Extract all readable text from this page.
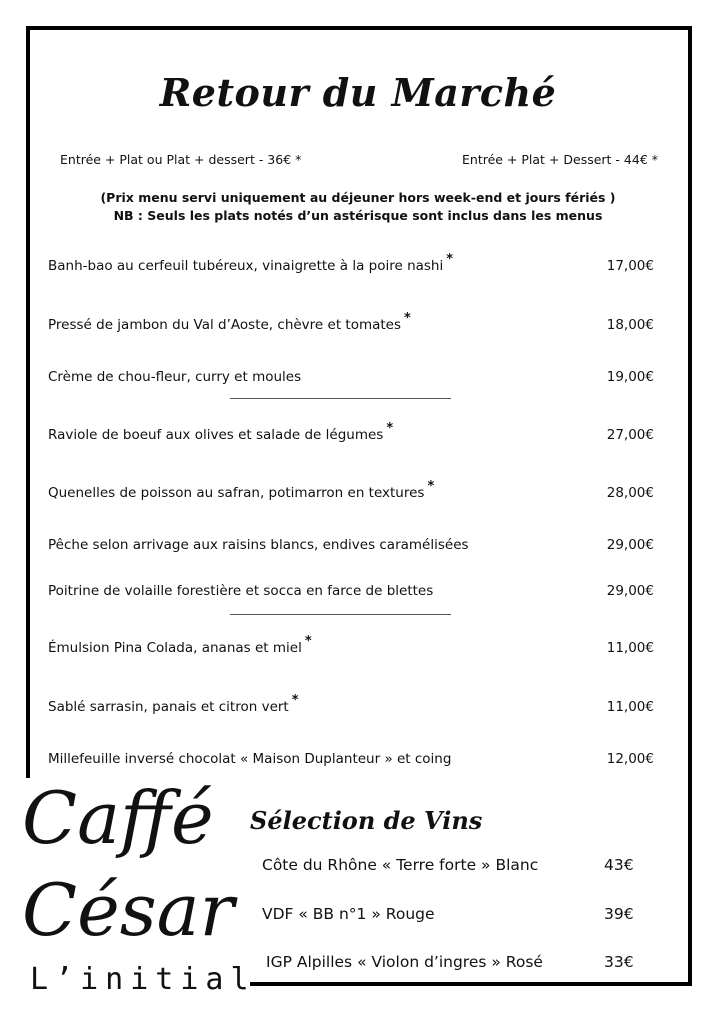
Retour du Marché
Entrée + Plat ou Plat + dessert - 36€ *	Entrée + Plat + Dessert - 44€ *
(Prix menu servi uniquement au déjeuner hors week-end et jours fériés )
NB : Seuls les plats notés d’un astérisque sont inclus dans les menus
Banh-bao au cerfeuil tubéreux, vinaigrette à la poire nashi *	17,00€
Pressé de jambon du Val d’Aoste, chèvre et tomates *	18,00€
Crème de chou-fleur, curry et moules	19,00€
Raviole de boeuf aux olives et salade de légumes *	27,00€
Quenelles de poisson au safran, potimarron en textures *	28,00€
Pêche selon arrivage aux raisins blancs, endives caramélisées	29,00€
Poitrine de volaille forestière et socca en farce de blettes	29,00€
Émulsion Pina Colada, ananas et miel *	11,00€
Sablé sarrasin, panais et citron vert *	11,00€
Millefeuille inversé chocolat « Maison Duplanteur » et coing	12,00€
Caffé
César
L’initial
Sélection de Vins
Côte du Rhône « Terre forte » Blanc	43€
VDF « BB n°1 » Rouge	39€
IGP Alpilles « Violon d’ingres » Rosé	33€
